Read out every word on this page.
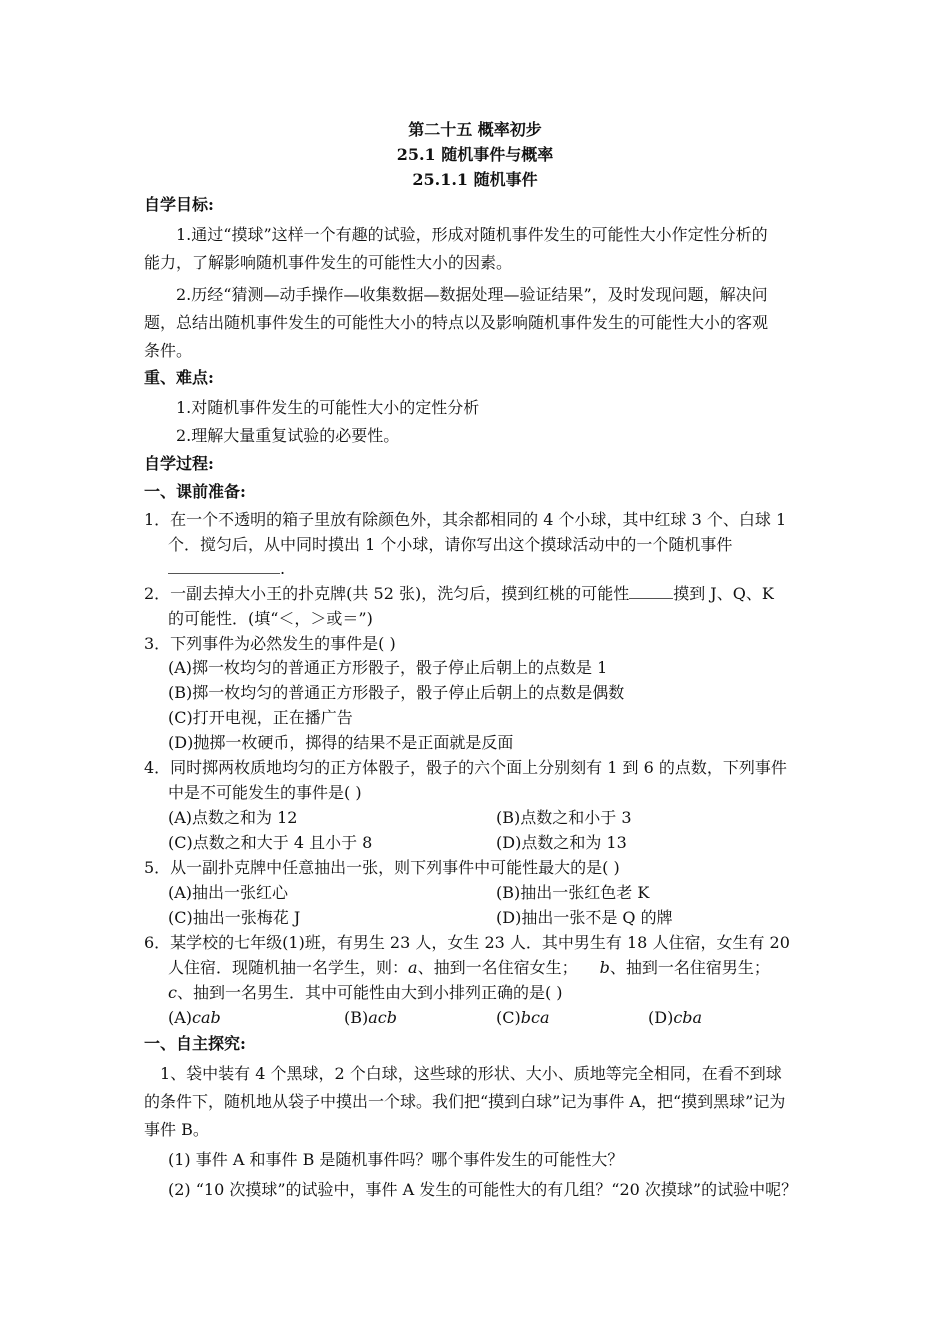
第二十五 概率初步
25.1 随机事件与概率
25.1.1 随机事件
自学目标:
1.通过“摸球”这样一个有趣的试验，形成对随机事件发生的可能性大小作定性分析的
能力，了解影响随机事件发生的可能性大小的因素。
2.历经“猜测—动手操作—收集数据—数据处理—验证结果”，及时发现问题，解决问
题，总结出随机事件发生的可能性大小的特点以及影响随机事件发生的可能性大小的客观
条件。
重、难点:
1.对随机事件发生的可能性大小的定性分析
2.理解大量重复试验的必要性。
自学过程:
一、课前准备:
1．在一个不透明的箱子里放有除颜色外，其余都相同的 4 个小球，其中红球 3 个、白球 1
个．搅匀后，从中同时摸出 1 个小球，请你写出这个摸球活动中的一个随机事件
.
2．一副去掉大小王的扑克牌(共 52 张)，洗匀后，摸到红桃的可能性	摸到 J、Q、K
的可能性．(填“＜，＞或＝”)
3．下列事件为必然发生的事件是( )
(A)掷一枚均匀的普通正方形骰子，骰子停止后朝上的点数是 1
(B)掷一枚均匀的普通正方形骰子，骰子停止后朝上的点数是偶数
(C)打开电视，正在播广告
(D)抛掷一枚硬币，掷得的结果不是正面就是反面
4．同时掷两枚质地均匀的正方体骰子，骰子的六个面上分别刻有 1 到 6 的点数，下列事件
中是不可能发生的事件是( )
(A)点数之和为 12	(B)点数之和小于 3
(C)点数之和大于 4 且小于 8	(D)点数之和为 13
5．从一副扑克牌中任意抽出一张，则下列事件中可能性最大的是( )
(A)抽出一张红心	(B)抽出一张红色老 K
(C)抽出一张梅花 J	(D)抽出一张不是 Q 的牌
6．某学校的七年级(1)班，有男生 23 人，女生 23 人．其中男生有 18 人住宿，女生有 20
人住宿．现随机抽一名学生，则：a、抽到一名住宿女生； b、抽到一名住宿男生；
c、抽到一名男生．其中可能性由大到小排列正确的是( )
(A)cab	(B)acb	(C)bca	(D)cba
一、自主探究:
1、袋中装有 4 个黑球，2 个白球，这些球的形状、大小、质地等完全相同，在看不到球
的条件下，随机地从袋子中摸出一个球。我们把“摸到白球”记为事件 A，把“摸到黑球”记为
事件 B。
(1) 事件 A 和事件 B 是随机事件吗？哪个事件发生的可能性大？
(2) “10 次摸球”的试验中，事件 A 发生的可能性大的有几组？“20 次摸球”的试验中呢？
